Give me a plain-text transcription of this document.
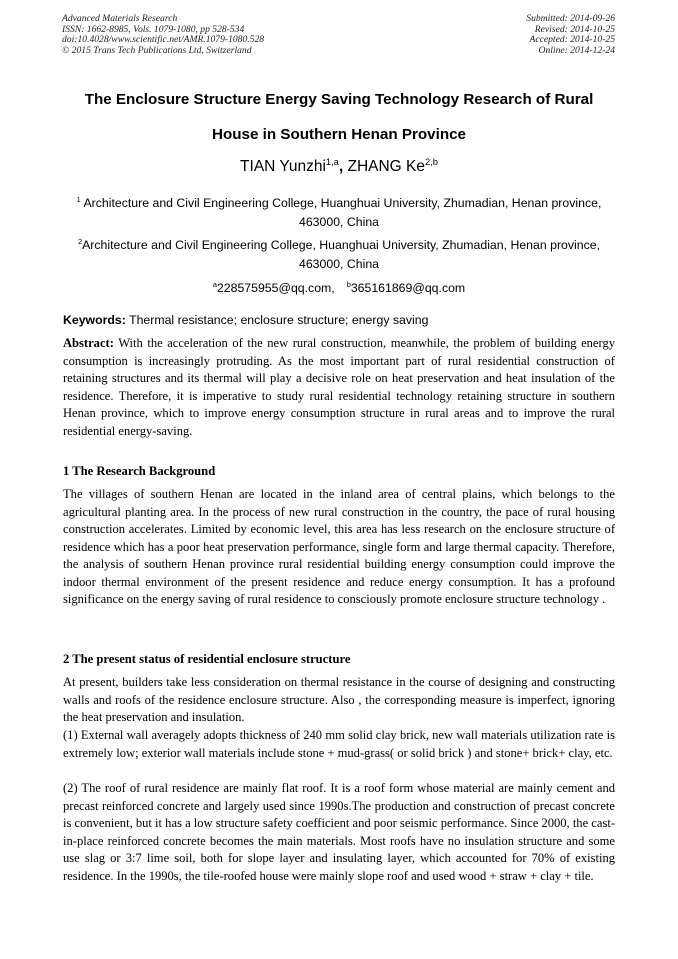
Advanced Materials Research
ISSN: 1662-8985, Vols. 1079-1080, pp 528-534
doi:10.4028/www.scientific.net/AMR.1079-1080.528
© 2015 Trans Tech Publications Ltd, Switzerland
Submitted: 2014-09-26
Revised: 2014-10-25
Accepted: 2014-10-25
Online: 2014-12-24
The Enclosure Structure Energy Saving Technology Research of Rural
House in Southern Henan Province
TIAN Yunzhi$^{1,a}$, ZHANG Ke$^{2,b}$
$^1$ Architecture and Civil Engineering College, Huanghuai University, Zhumadian, Henan province, 463000, China
$^2$Architecture and Civil Engineering College, Huanghuai University, Zhumadian, Henan province, 463000, China
$^a$228575955@qq.com, $^b$365161869@qq.com
Keywords: Thermal resistance; enclosure structure; energy saving
Abstract: With the acceleration of the new rural construction, meanwhile, the problem of building energy consumption is increasingly protruding. As the most important part of rural residential construction of retaining structures and its thermal will play a decisive role on heat preservation and heat insulation of the residence. Therefore, it is imperative to study rural residential technology retaining structure in southern Henan province, which to improve energy consumption structure in rural areas and to improve the rural residential energy-saving.
1 The Research Background
The villages of southern Henan are located in the inland area of central plains, which belongs to the agricultural planting area. In the process of new rural construction in the country, the pace of rural housing construction accelerates. Limited by economic level, this area has less research on the enclosure structure of residence which has a poor heat preservation performance, single form and large thermal capacity. Therefore, the analysis of southern Henan province rural residential building energy consumption could improve the indoor thermal environment of the present residence and reduce energy consumption. It has a profound significance on the energy saving of rural residence to consciously promote enclosure structure technology .
2 The present status of residential enclosure structure
At present, builders take less consideration on thermal resistance in the course of designing and constructing walls and roofs of the residence enclosure structure. Also , the corresponding measure is imperfect, ignoring the heat preservation and insulation.
(1) External wall averagely adopts thickness of 240 mm solid clay brick, new wall materials utilization rate is extremely low; exterior wall materials include stone + mud-grass( or solid brick ) and stone+ brick+ clay, etc.
(2) The roof of rural residence are mainly flat roof. It is a roof form whose material are mainly cement and precast reinforced concrete and largely used since 1990s.The production and construction of precast concrete is convenient, but it has a low structure safety coefficient and poor seismic performance. Since 2000, the cast-in-place reinforced concrete becomes the main materials. Most roofs have no insulation structure and some use slag or 3:7 lime soil, both for slope layer and insulating layer, which accounted for 70% of existing residence. In the 1990s, the tile-roofed house were mainly slope roof and used wood + straw + clay + tile.
